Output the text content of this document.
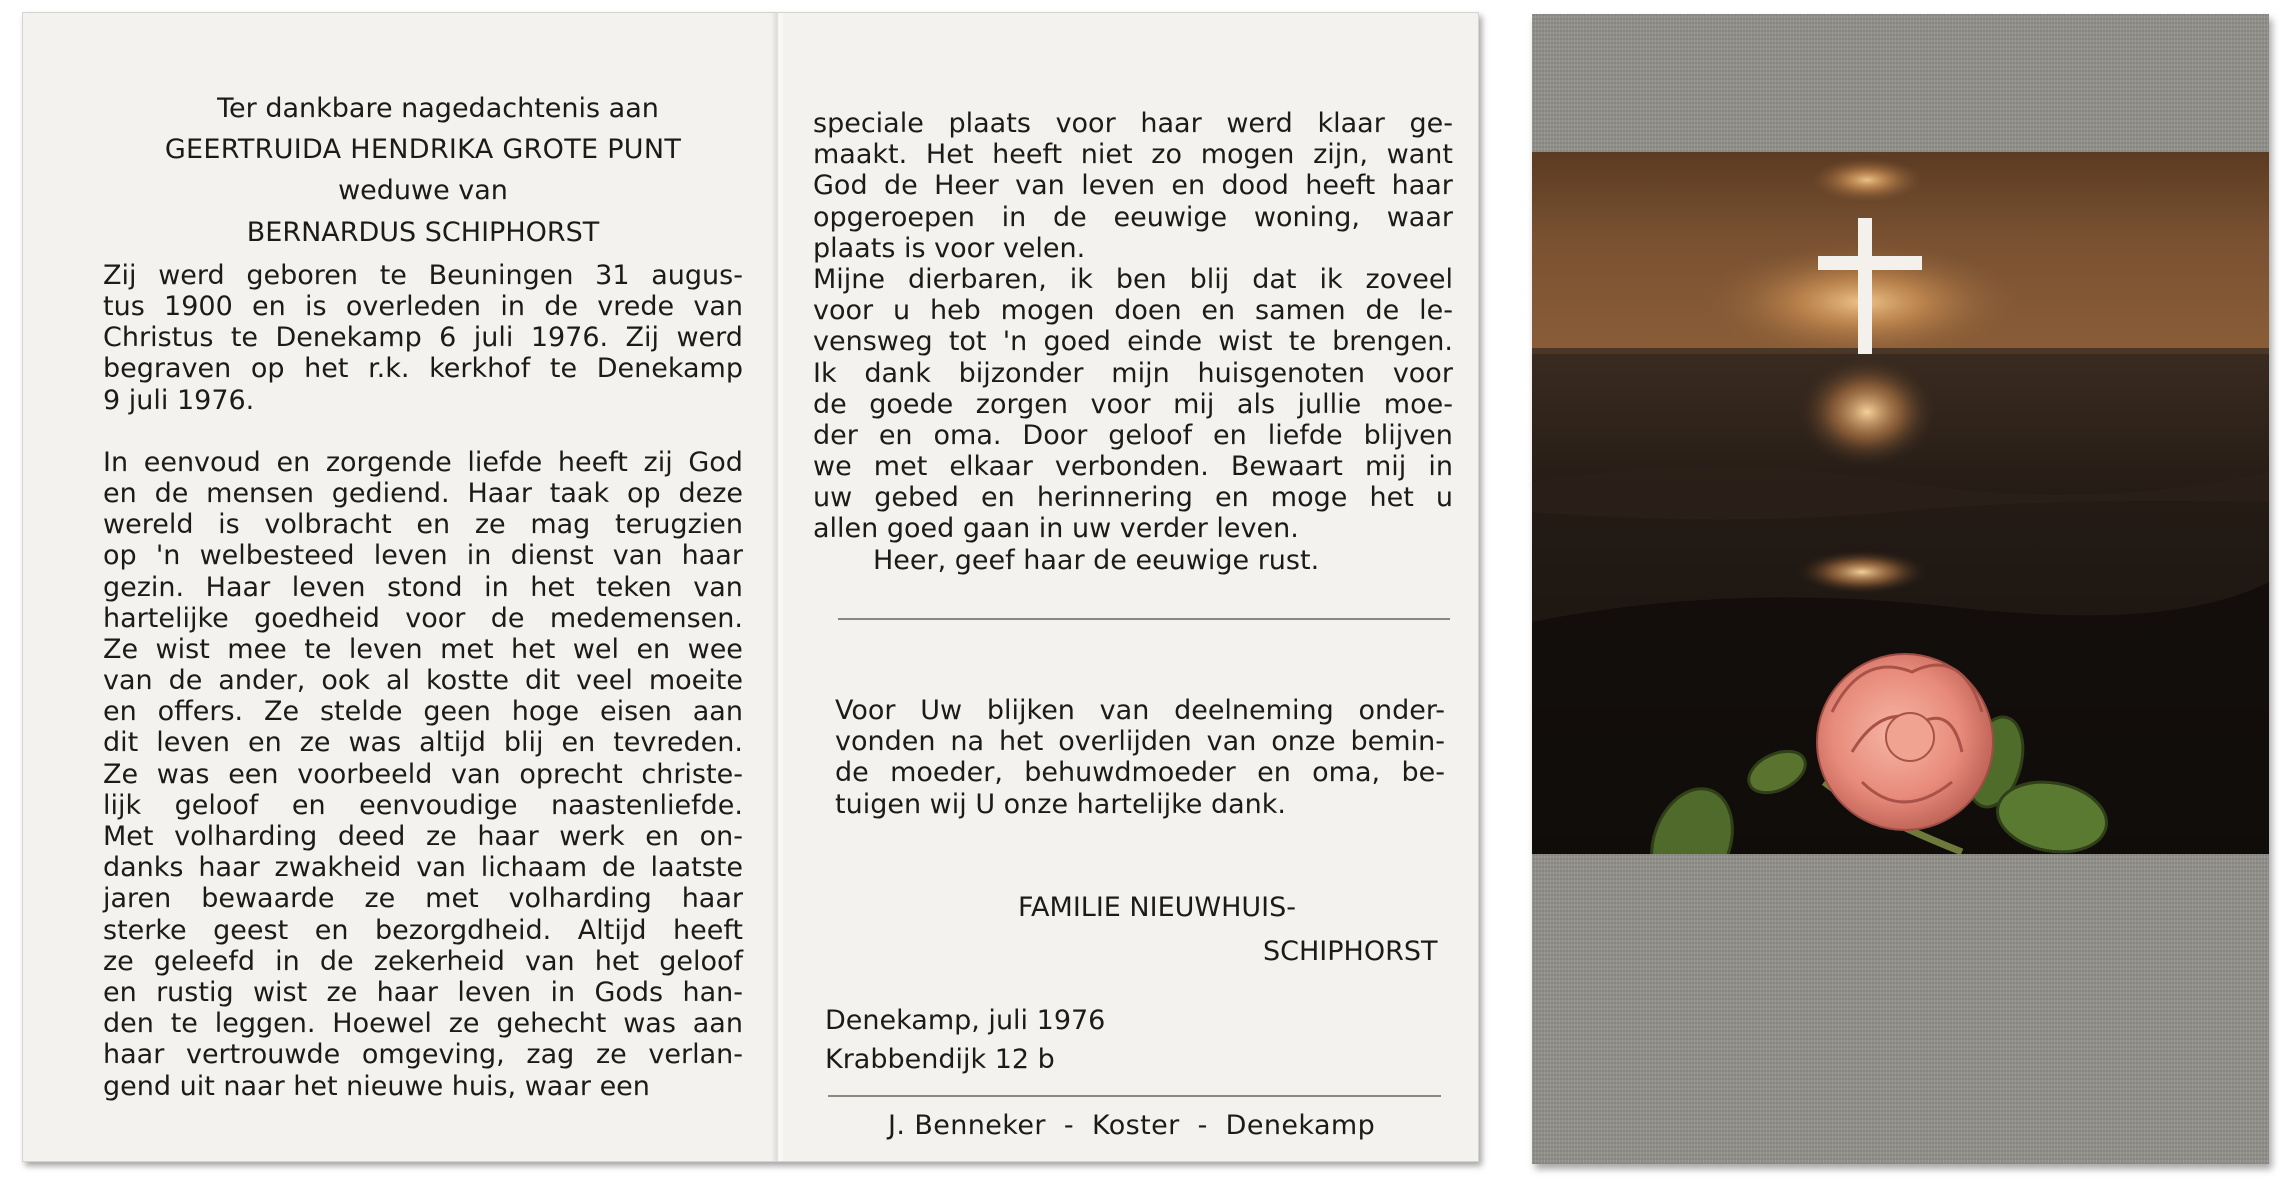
Ter dankbare nagedachtenis aan

GEERTRUIDA HENDRIKA GROTE PUNT

weduwe van

BERNARDUS SCHIPHORST

Zij werd geboren te Beuningen 31 augus-
tus 1900 en is overleden in de vrede van
Christus te Denekamp 6 juli 1976. Zij werd
begraven op het r.k. kerkhof te Denekamp
9 juli 1976.
In eenvoud en zorgende liefde heeft zij God
en de mensen gediend. Haar taak op deze
wereld is volbracht en ze mag terugzien
op 'n welbesteed leven in dienst van haar
gezin. Haar leven stond in het teken van
hartelijke goedheid voor de medemensen.
Ze wist mee te leven met het wel en wee
van de ander, ook al kostte dit veel moeite
en offers. Ze stelde geen hoge eisen aan
dit leven en ze was altijd blij en tevreden.
Ze was een voorbeeld van oprecht christe-
lijk geloof en eenvoudige naastenliefde.
Met volharding deed ze haar werk en on-
danks haar zwakheid van lichaam de laatste
jaren bewaarde ze met volharding haar
sterke geest en bezorgdheid. Altijd heeft
ze geleefd in de zekerheid van het geloof
en rustig wist ze haar leven in Gods han-
den te leggen. Hoewel ze gehecht was aan
haar vertrouwde omgeving, zag ze verlan-
gend uit naar het nieuwe huis, waar een
speciale plaats voor haar werd klaar ge-
maakt. Het heeft niet zo mogen zijn, want
God de Heer van leven en dood heeft haar
opgeroepen in de eeuwige woning, waar
plaats is voor velen.
Mijne dierbaren, ik ben blij dat ik zoveel
voor u heb mogen doen en samen de le-
vensweg tot 'n goed einde wist te brengen.
Ik dank bijzonder mijn huisgenoten voor
de goede zorgen voor mij als jullie moe-
der en oma. Door geloof en liefde blijven
we met elkaar verbonden. Bewaart mij in
uw gebed en herinnering en moge het u
allen goed gaan in uw verder leven.
Heer, geef haar de eeuwige rust.
Voor Uw blijken van deelneming onder-
vonden na het overlijden van onze bemin-
de moeder, behuwdmoeder en oma, be-
tuigen wij U onze hartelijke dank.
FAMILIE NIEUWHUIS-
SCHIPHORST
Denekamp, juli 1976
Krabbendijk 12 b
J. Benneker  -  Koster  -  Denekamp
